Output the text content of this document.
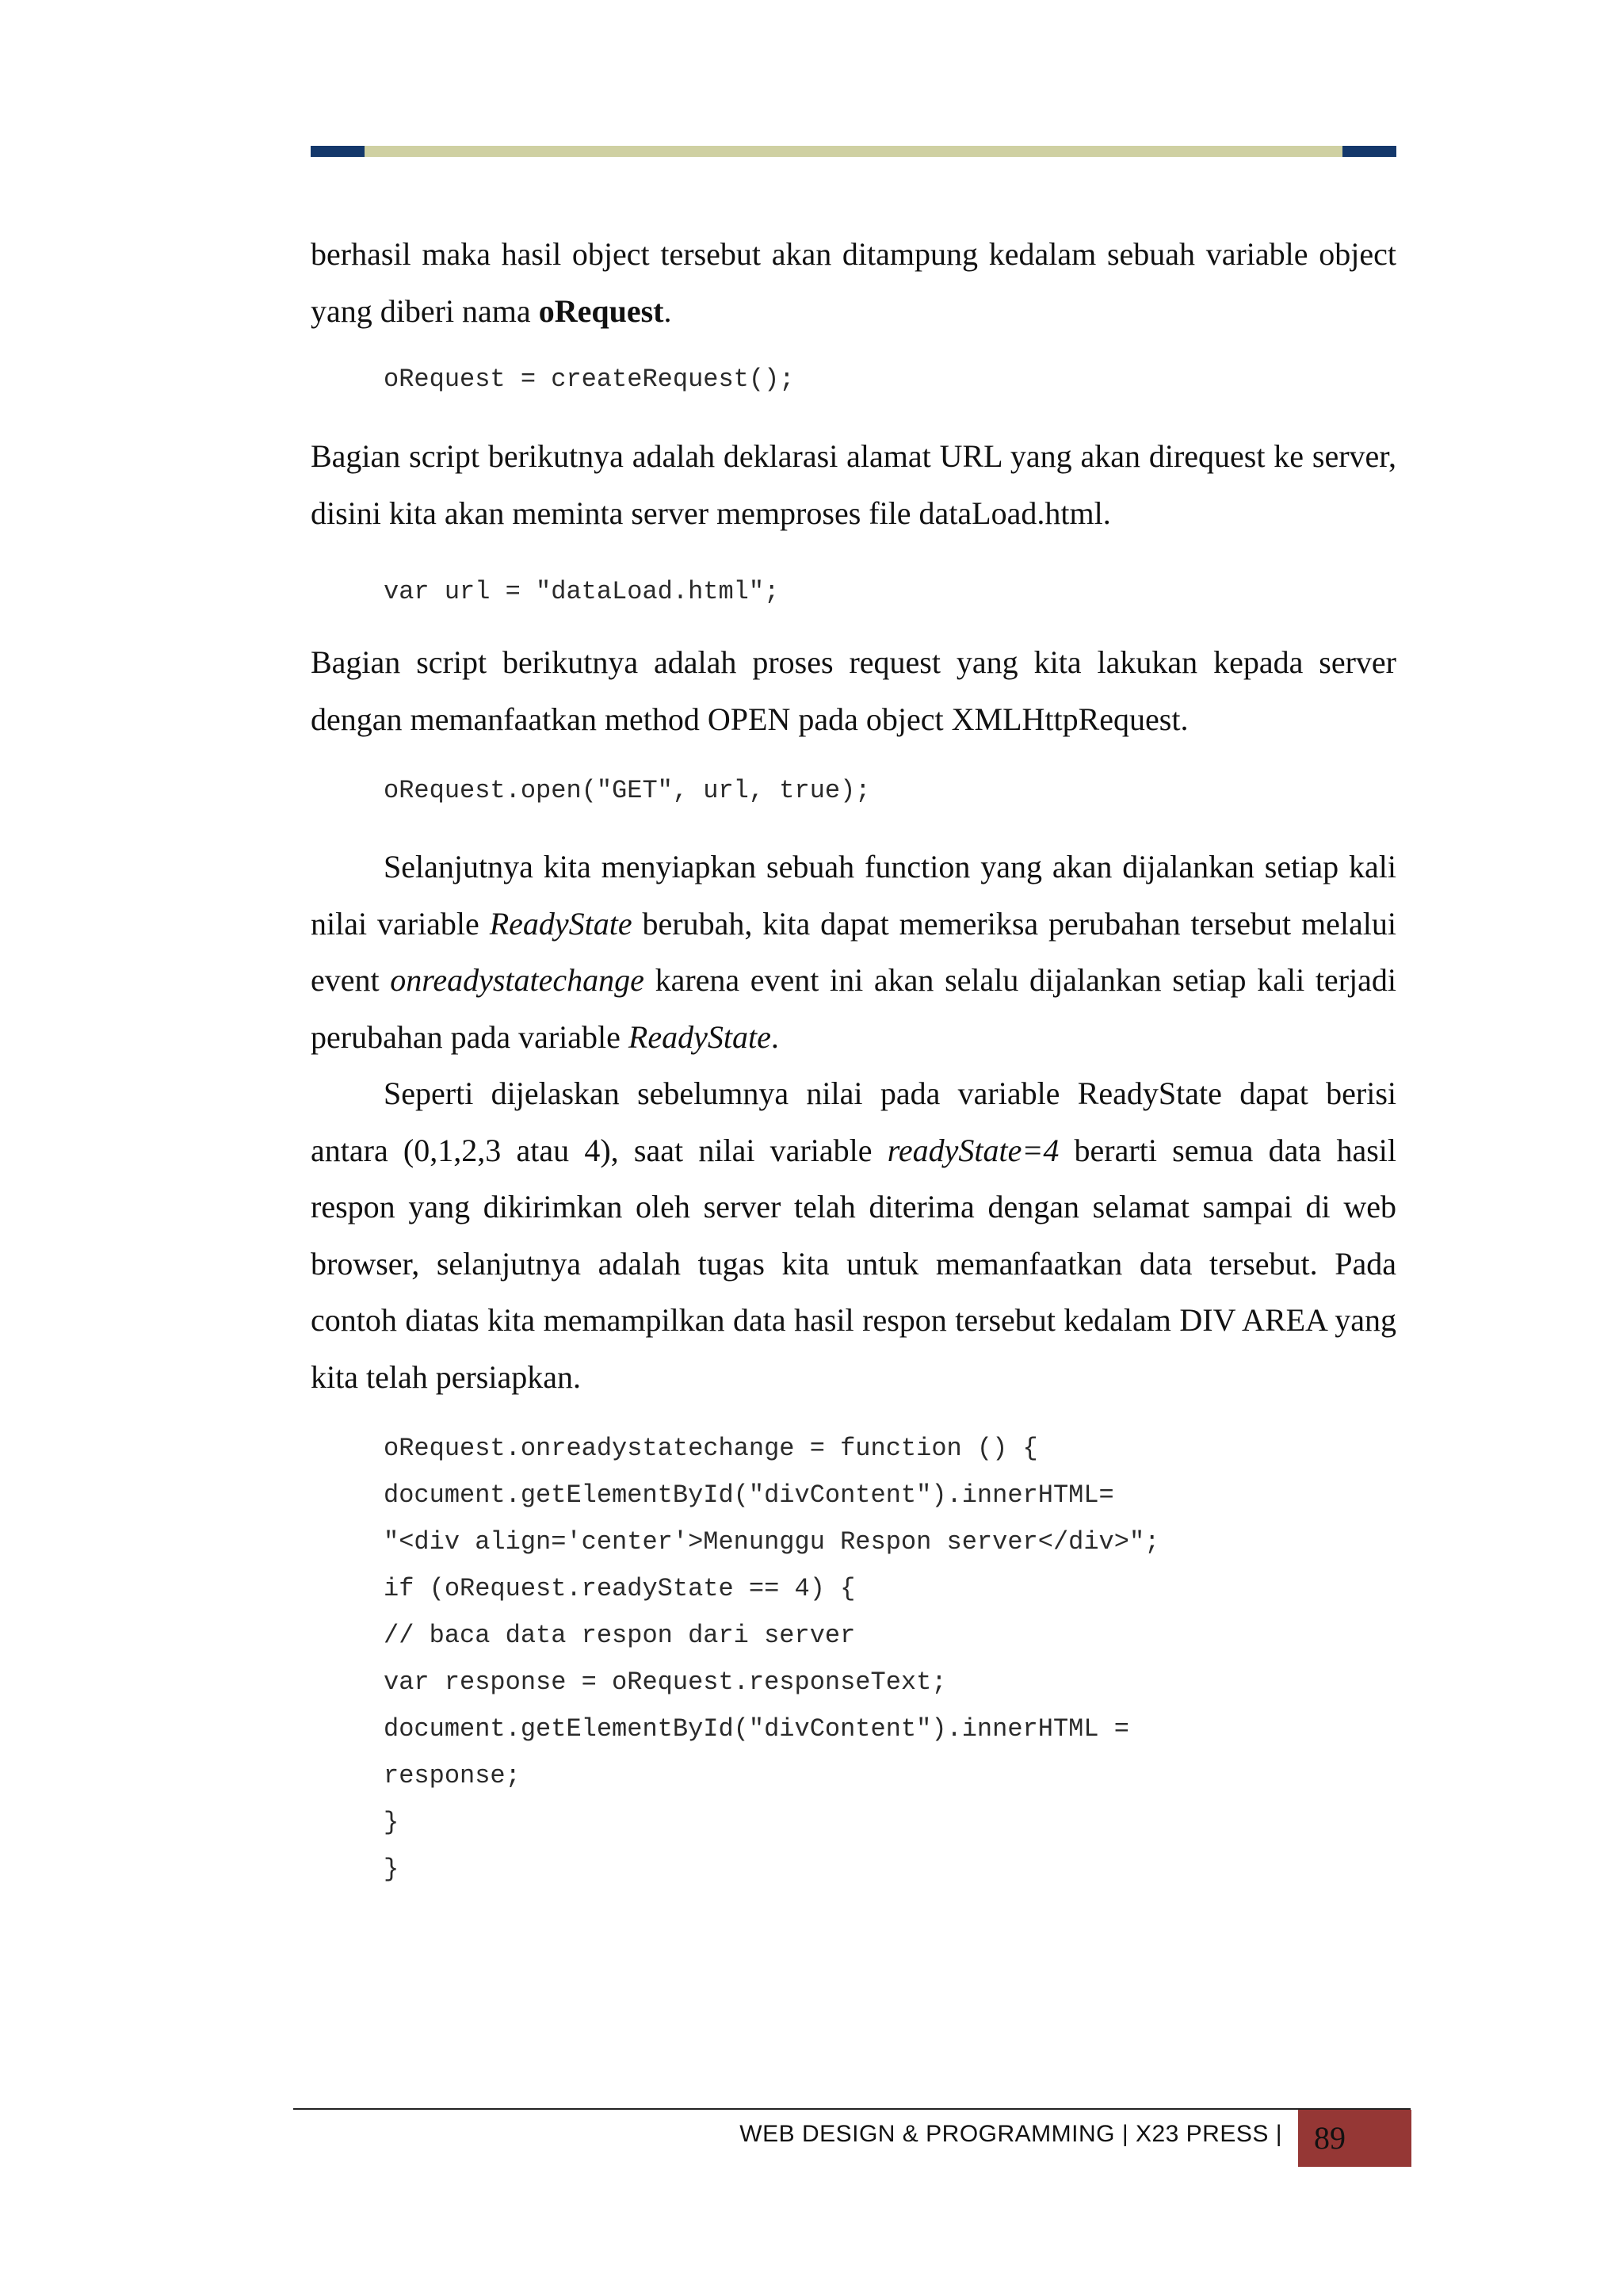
berhasil maka hasil object tersebut akan ditampung kedalam sebuah variable object yang diberi nama oRequest.

oRequest = createRequest();

Bagian script berikutnya adalah deklarasi alamat URL yang akan direquest ke server, disini kita akan meminta server memproses file dataLoad.html.

var url = "dataLoad.html";

Bagian script berikutnya adalah proses request yang kita lakukan kepada server dengan memanfaatkan method OPEN pada object XMLHttpRequest.

oRequest.open("GET", url, true);

Selanjutnya kita menyiapkan sebuah function yang akan dijalankan setiap kali nilai variable ReadyState berubah, kita dapat memeriksa perubahan tersebut melalui event onreadystatechange karena event ini akan selalu dijalankan setiap kali terjadi perubahan pada variable ReadyState.

Seperti dijelaskan sebelumnya nilai pada variable ReadyState dapat berisi antara (0,1,2,3 atau 4), saat nilai variable readyState=4 berarti semua data hasil respon yang dikirimkan oleh server telah diterima dengan selamat sampai di web browser, selanjutnya adalah tugas kita untuk memanfaatkan data tersebut. Pada contoh diatas kita memampilkan data hasil respon tersebut kedalam DIV AREA yang kita telah persiapkan.

oRequest.onreadystatechange = function () {
document.getElementById("divContent").innerHTML=
"<div align='center'>Menunggu Respon server</div>";
if (oRequest.readyState == 4) {
// baca data respon dari server
var response = oRequest.responseText;
document.getElementById("divContent").innerHTML =
response;
}
}
WEB DESIGN & PROGRAMMING | X23 PRESS |	89
